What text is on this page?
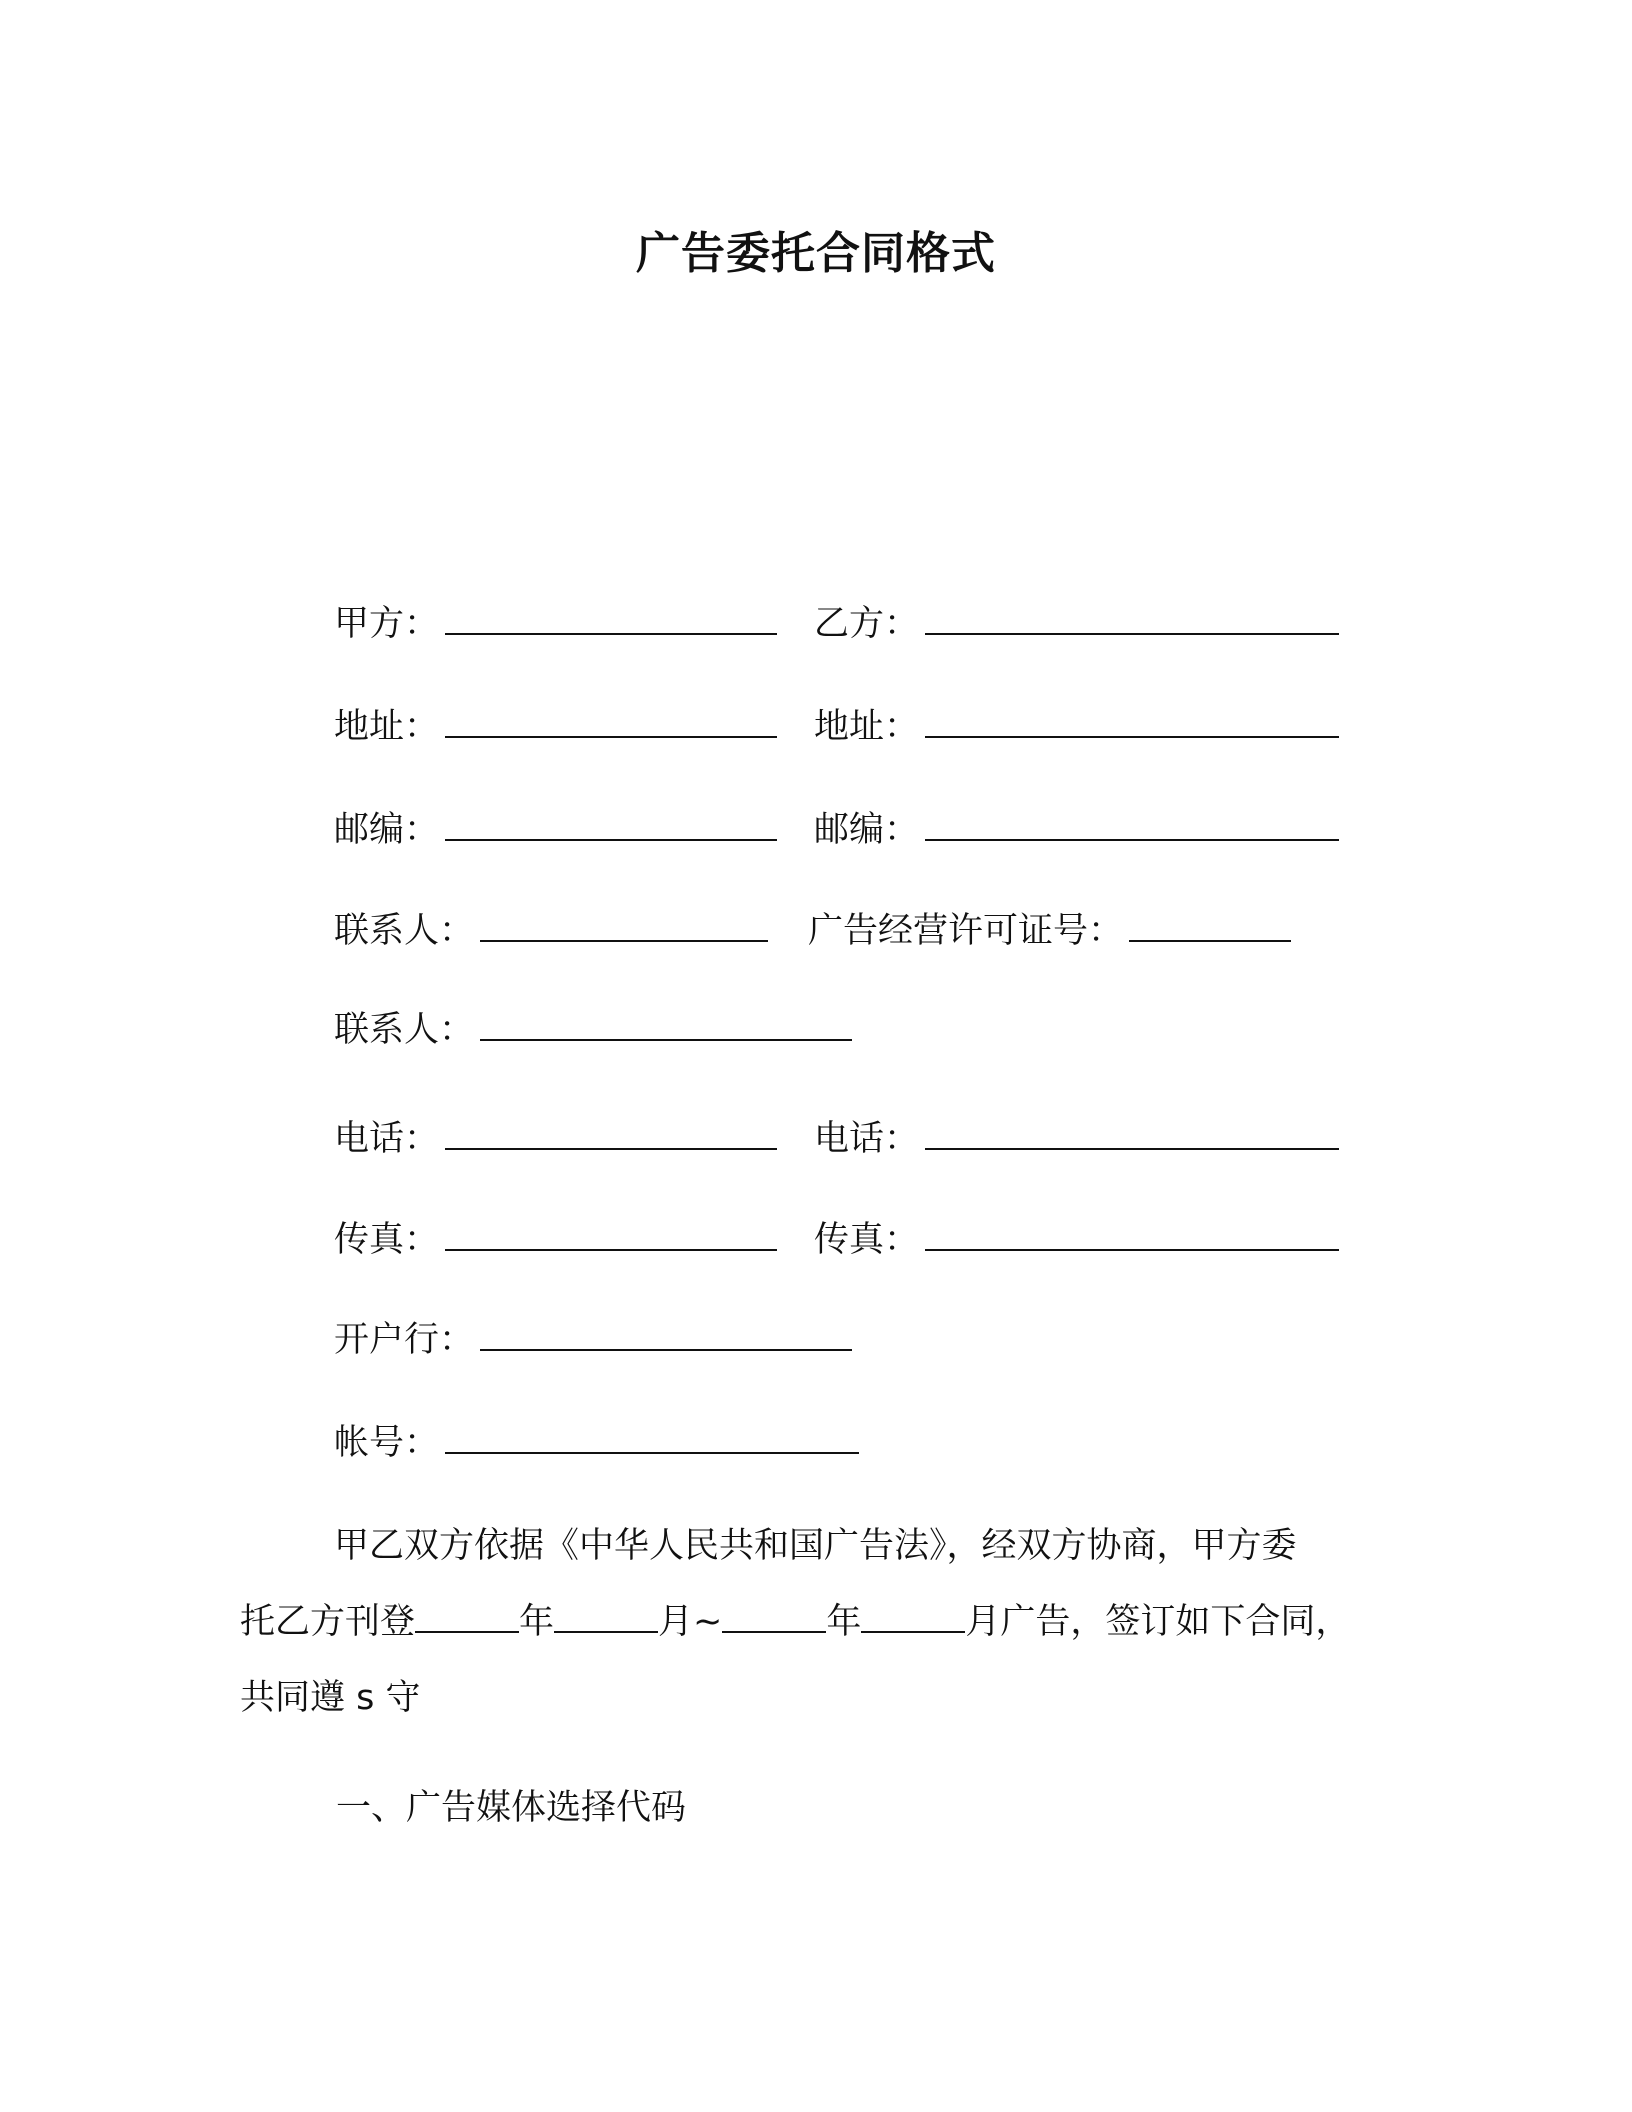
广告委托合同格式
甲方：	乙方：
地址：	地址：
邮编：	邮编：
联系人：	广告经营许可证号：
联系人：
电话：	电话：
传真：	传真：
开户行：
帐号：
甲乙双方依据《中华人民共和国广告法》，经双方协商，甲方委
托乙方刊登	年	月~	年	月广告，签订如下合同，
共同遵 s 守
一、广告媒体选择代码
